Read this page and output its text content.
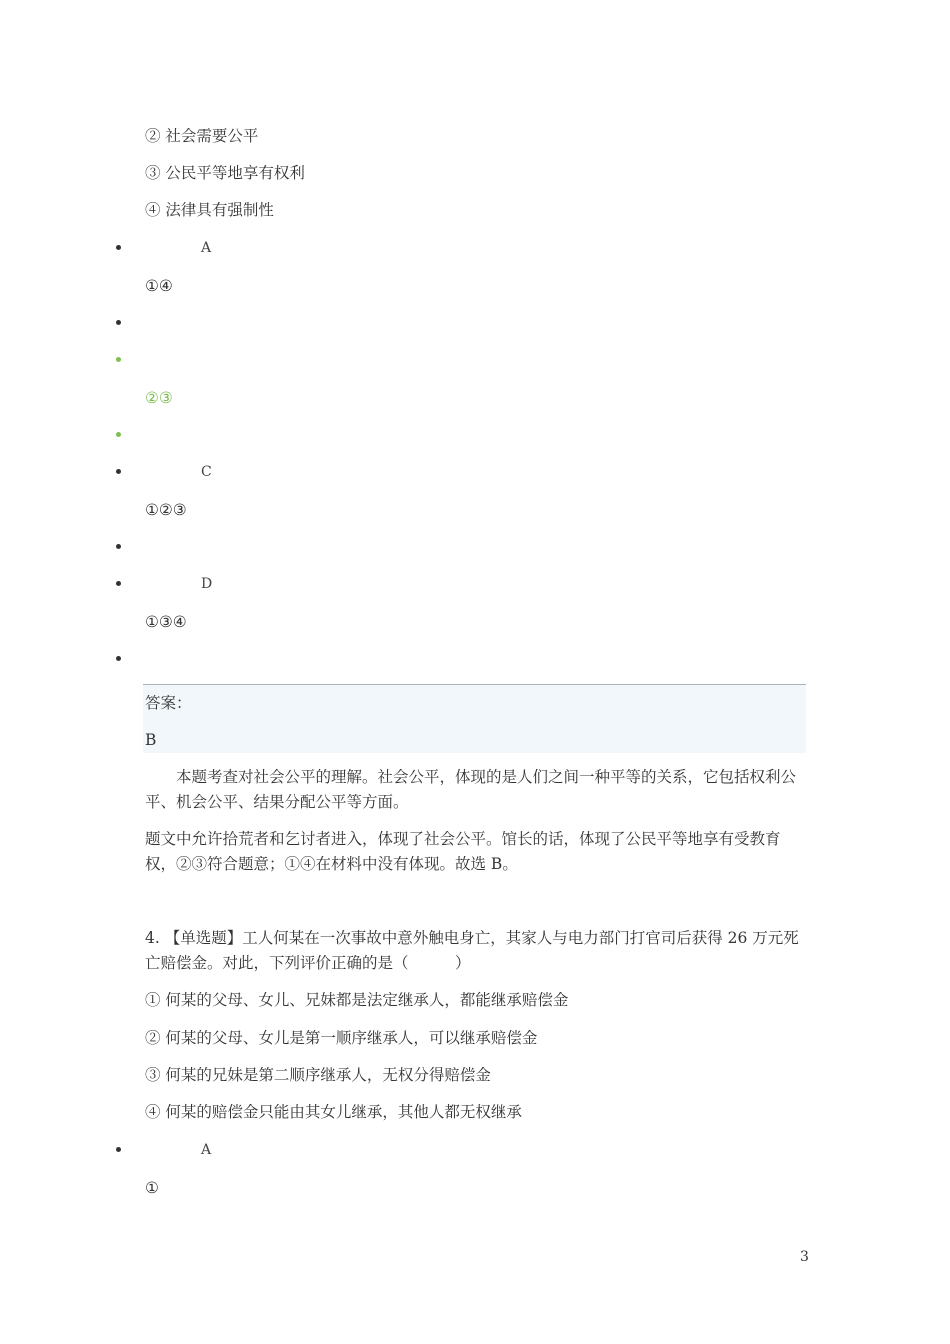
② 社会需要公平
③ 公民平等地享有权利
④ 法律具有强制性
A
①④
②③
C
①②③
D
①③④
答案：
B
本题考查对社会公平的理解。社会公平，体现的是人们之间一种平等的关系，它包括权利公平、机会公平、结果分配公平等方面。
题文中允许拾荒者和乞讨者进入，体现了社会公平。馆长的话，体现了公民平等地享有受教育权，②③符合题意；①④在材料中没有体现。故选 B。
4. 【单选题】工人何某在一次事故中意外触电身亡，其家人与电力部门打官司后获得 26 万元死亡赔偿金。对此，下列评价正确的是（　　　）
① 何某的父母、女儿、兄妹都是法定继承人，都能继承赔偿金
② 何某的父母、女儿是第一顺序继承人，可以继承赔偿金
③ 何某的兄妹是第二顺序继承人，无权分得赔偿金
④ 何某的赔偿金只能由其女儿继承，其他人都无权继承
A
①
3
